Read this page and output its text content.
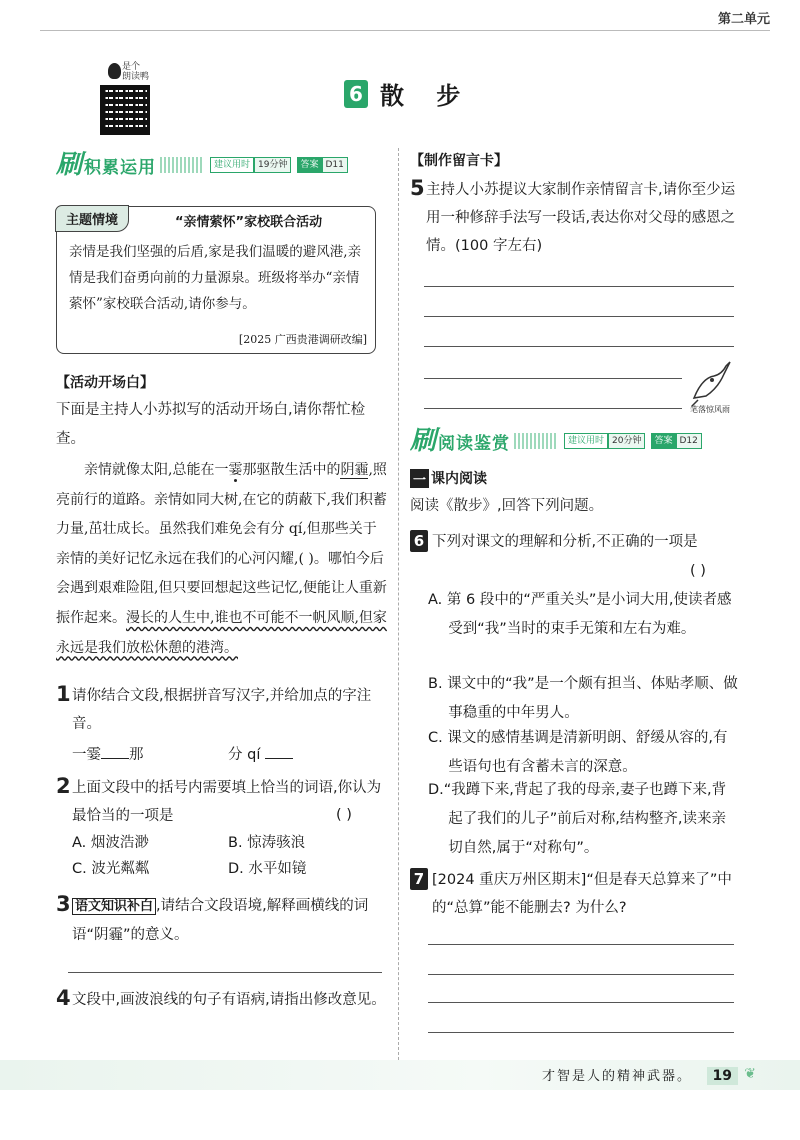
第二单元
是个
朗读鸭
6 散 步
刷 积累运用	建议用时 19分钟	答案 D11
主题情境	“亲情萦怀”家校联合活动
亲情是我们坚强的后盾,家是我们温暖的避风港,亲情是我们奋勇向前的力量源泉。班级将举办“亲情萦怀”家校联合活动,请你参与。
[2025 广西贵港调研改编]
【活动开场白】
下面是主持人小苏拟写的活动开场白,请你帮忙检查。
亲情就像太阳,总能在一霎那驱散生活中的阴霾,照亮前行的道路。亲情如同大树,在它的荫蔽下,我们积蓄力量,茁壮成长。虽然我们难免会有分 qí,但那些关于亲情的美好记忆永远在我们的心河闪耀,( )。哪怕今后会遇到艰难险阻,但只要回想起这些记忆,便能让人重新振作起来。漫长的人生中,谁也不可能不一帆风顺,但家永远是我们放松休憩的港湾。
1 请你结合文段,根据拼音写汉字,并给加点的字注音。
一霎 那	分 qí
2 上面文段中的括号内需要填上恰当的词语,你认为最恰当的一项是	( )
A. 烟波浩渺	B. 惊涛骇浪
C. 波光粼粼	D. 水平如镜
3 语文知识补白 ,请结合文段语境,解释画横线的词语“阴霾”的意义。
4 文段中,画波浪线的句子有语病,请指出修改意见。
【制作留言卡】
5 主持人小苏提议大家制作亲情留言卡,请你至少运用一种修辞手法写一段话,表达你对父母的感恩之情。(100 字左右)
笔落惊风雨
刷 阅读鉴赏	建议用时 20分钟	答案 D12
一 课内阅读
阅读《散步》,回答下列问题。
6 下列对课文的理解和分析,不正确的一项是
( )
A. 第 6 段中的“严重关头”是小词大用,使读者感受到“我”当时的束手无策和左右为难。
B. 课文中的“我”是一个颇有担当、体贴孝顺、做事稳重的中年男人。
C. 课文的感情基调是清新明朗、舒缓从容的,有些语句也有含蓄未言的深意。
D.“我蹲下来,背起了我的母亲,妻子也蹲下来,背起了我们的儿子”前后对称,结构整齐,读来亲切自然,属于“对称句”。
7 [2024 重庆万州区期末]“但是春天总算来了”中的“总算”能不能删去? 为什么?
才智是人的精神武器。	19 ❦
